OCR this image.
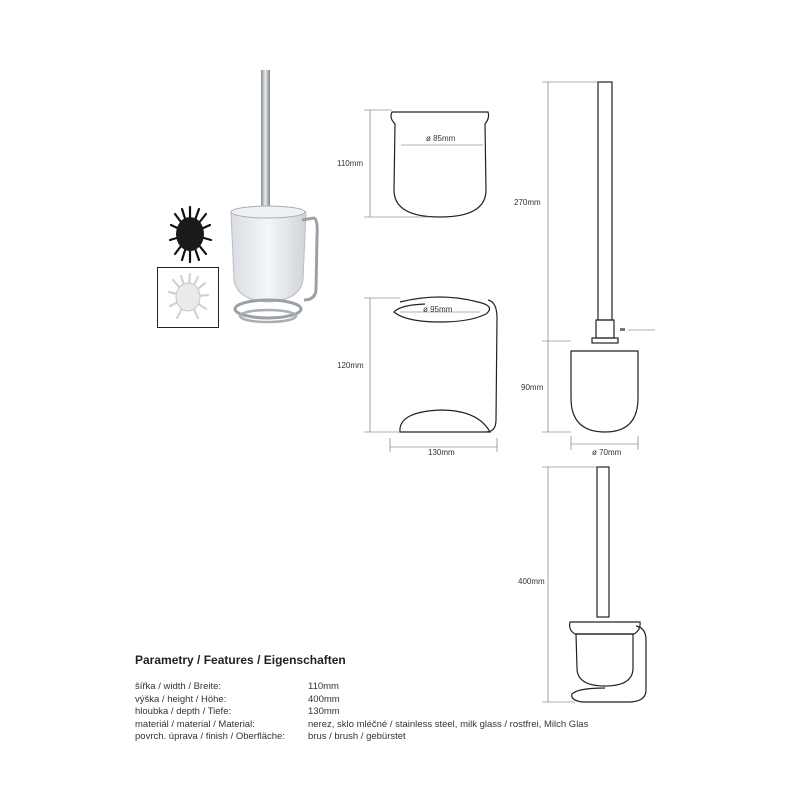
ø 85mm
110mm
ø 95mm
120mm
130mm
270mm
90mm
ø 70mm
400mm
Parametry / Features / Eigenschaften
šířka / width / Breite:	110mm
výška / height / Höhe:	400mm
hloubka / depth / Tiefe:	130mm
materiál / material / Material:	nerez, sklo mléčné / stainless steel, milk glass / rostfrei, Milch Glas
povrch. úprava / finish / Oberfläche:	brus / brush / gebürstet
